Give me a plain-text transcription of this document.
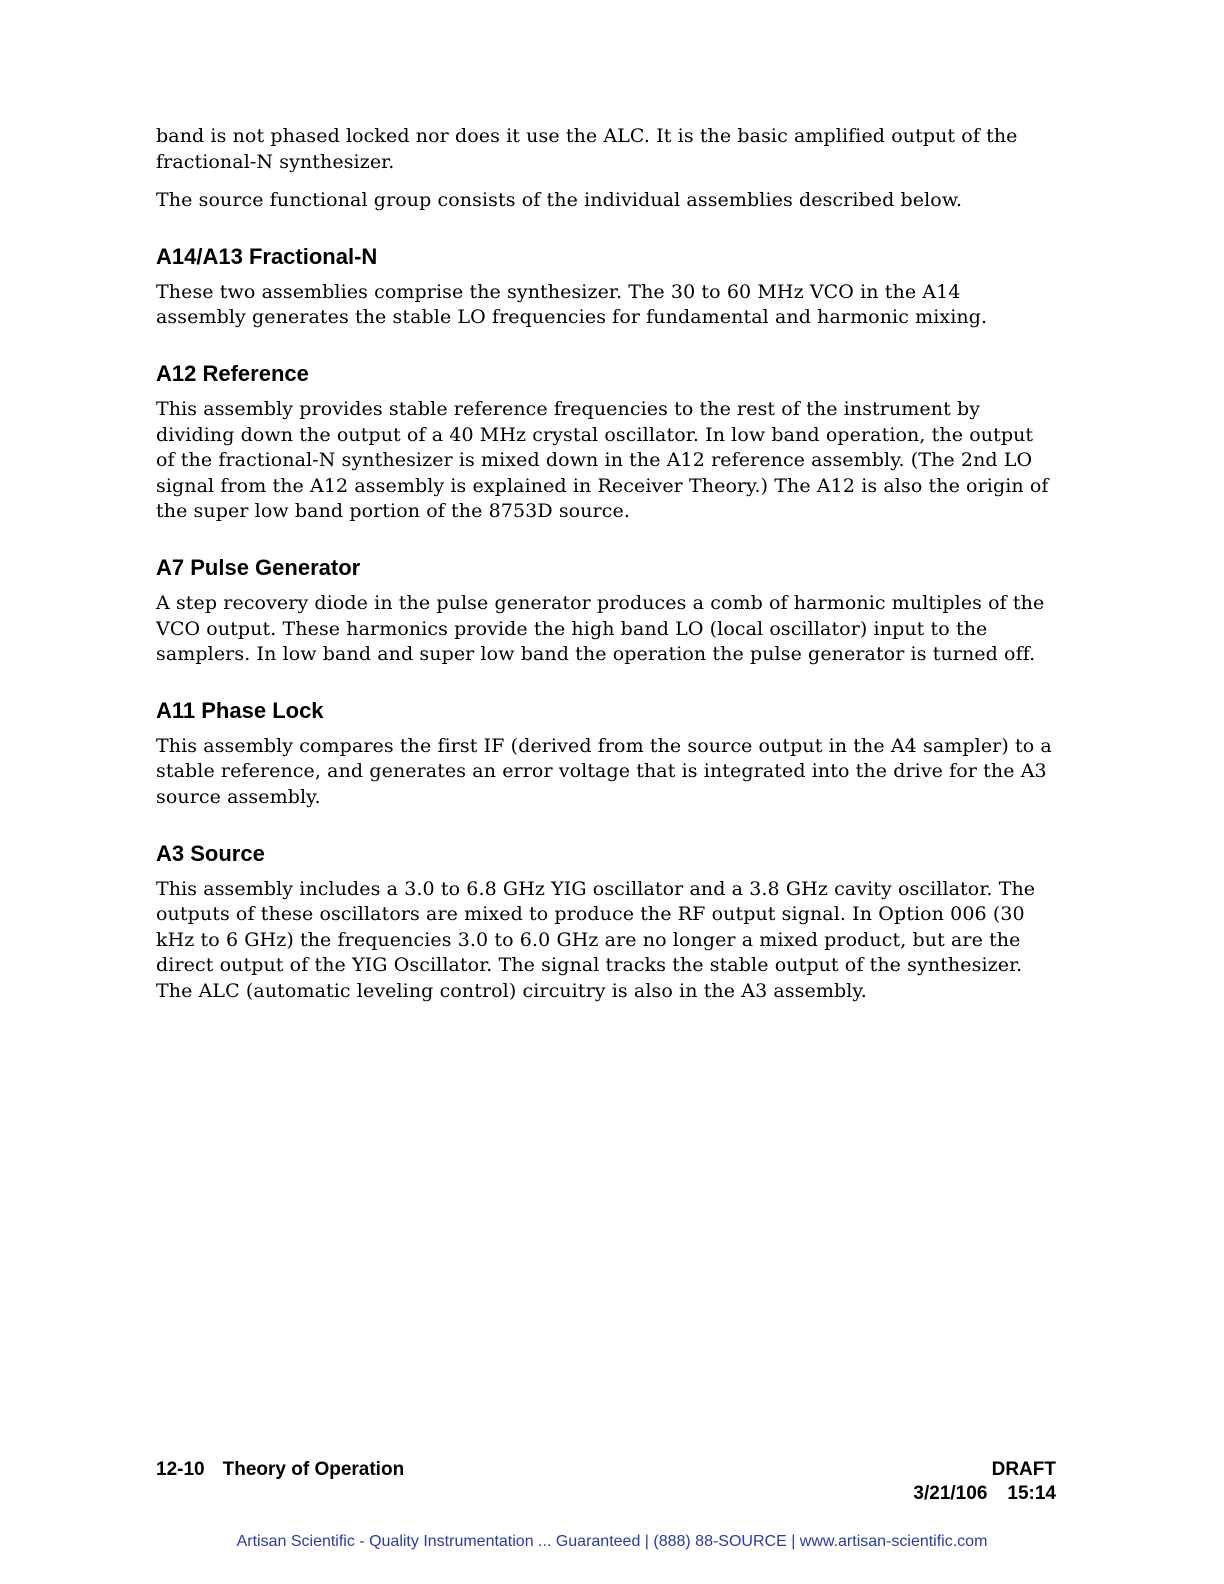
band is not phased locked nor does it use the ALC. It is the basic amplified output of the fractional-N synthesizer.

The source functional group consists of the individual assemblies described below.

A14/A13 Fractional-N

These two assemblies comprise the synthesizer. The 30 to 60 MHz VCO in the A14 assembly generates the stable LO frequencies for fundamental and harmonic mixing.

A12 Reference

This assembly provides stable reference frequencies to the rest of the instrument by dividing down the output of a 40 MHz crystal oscillator. In low band operation, the output of the fractional-N synthesizer is mixed down in the A12 reference assembly. (The 2nd LO signal from the A12 assembly is explained in Receiver Theory.) The A12 is also the origin of the super low band portion of the 8753D source.

A7 Pulse Generator

A step recovery diode in the pulse generator produces a comb of harmonic multiples of the VCO output. These harmonics provide the high band LO (local oscillator) input to the samplers. In low band and super low band the operation the pulse generator is turned off.

A11 Phase Lock

This assembly compares the first IF (derived from the source output in the A4 sampler) to a stable reference, and generates an error voltage that is integrated into the drive for the A3 source assembly.

A3 Source

This assembly includes a 3.0 to 6.8 GHz YIG oscillator and a 3.8 GHz cavity oscillator. The outputs of these oscillators are mixed to produce the RF output signal. In Option 006 (30 kHz to 6 GHz) the frequencies 3.0 to 6.0 GHz are no longer a mixed product, but are the direct output of the YIG Oscillator. The signal tracks the stable output of the synthesizer. The ALC (automatic leveling control) circuitry is also in the A3 assembly.

12-10 Theory of Operation	DRAFT
3/21/106 15:14
Artisan Scientific - Quality Instrumentation ... Guaranteed | (888) 88-SOURCE | www.artisan-scientific.com
